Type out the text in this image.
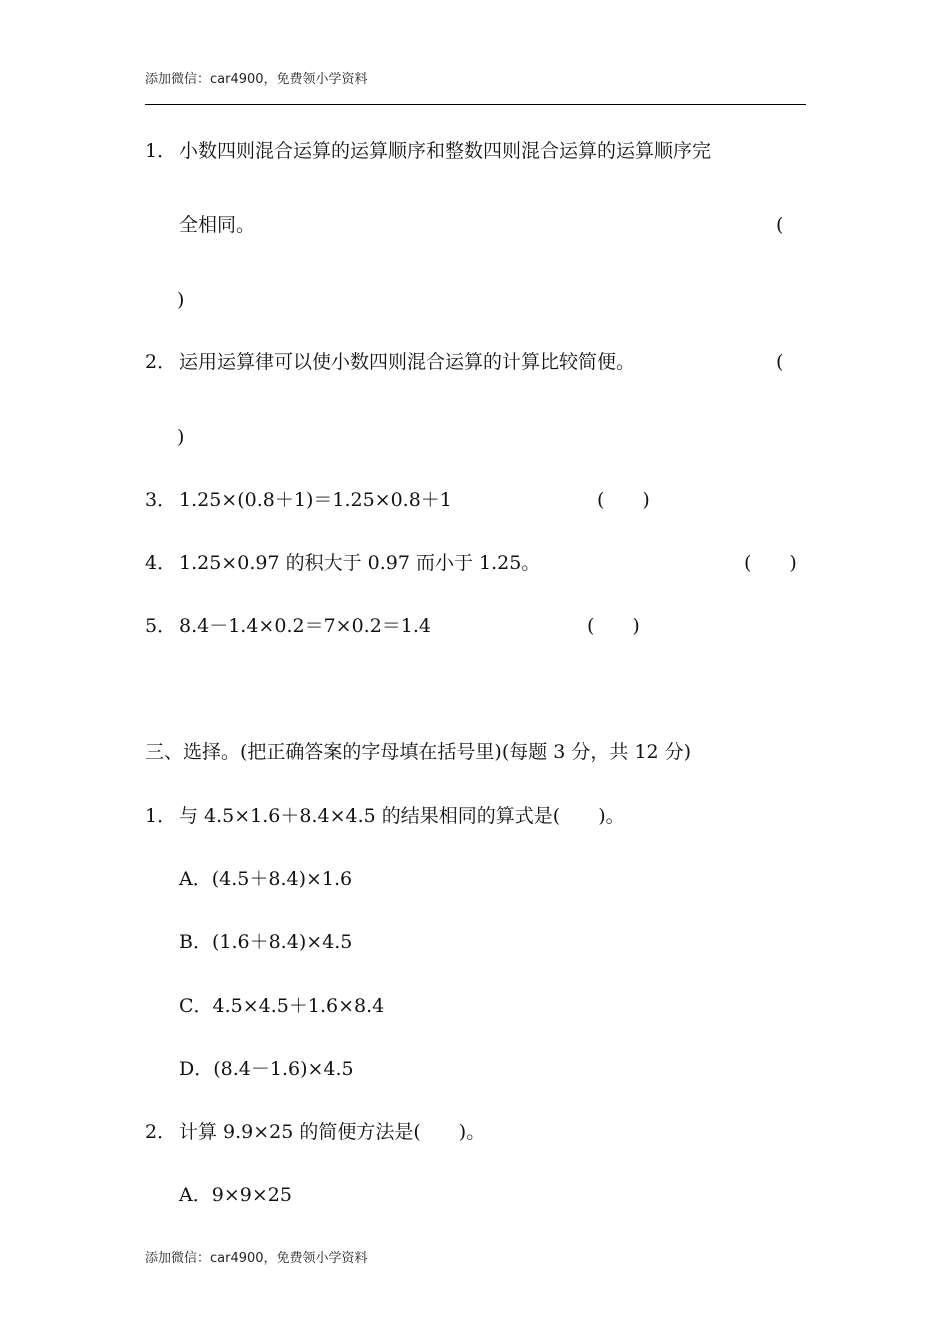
添加微信：car4900，免费领小学资料
1． 小数四则混合运算的运算顺序和整数四则混合运算的运算顺序完
全相同。	(
)
2． 运用运算律可以使小数四则混合运算的计算比较简便。	(
)
3． 1.25×(0.8＋1)＝1.25×0.8＋1	(　　)
4． 1.25×0.97 的积大于 0.97 而小于 1.25。	(　　)
5． 8.4－1.4×0.2＝7×0.2＝1.4	(　　)
三、选择。(把正确答案的字母填在括号里)(每题 3 分，共 12 分)
1． 与 4.5×1.6＋8.4×4.5 的结果相同的算式是(　　)。
A．(4.5＋8.4)×1.6
B．(1.6＋8.4)×4.5
C．4.5×4.5＋1.6×8.4
D．(8.4－1.6)×4.5
2． 计算 9.9×25 的简便方法是(　　)。
A．9×9×25
添加微信：car4900，免费领小学资料
